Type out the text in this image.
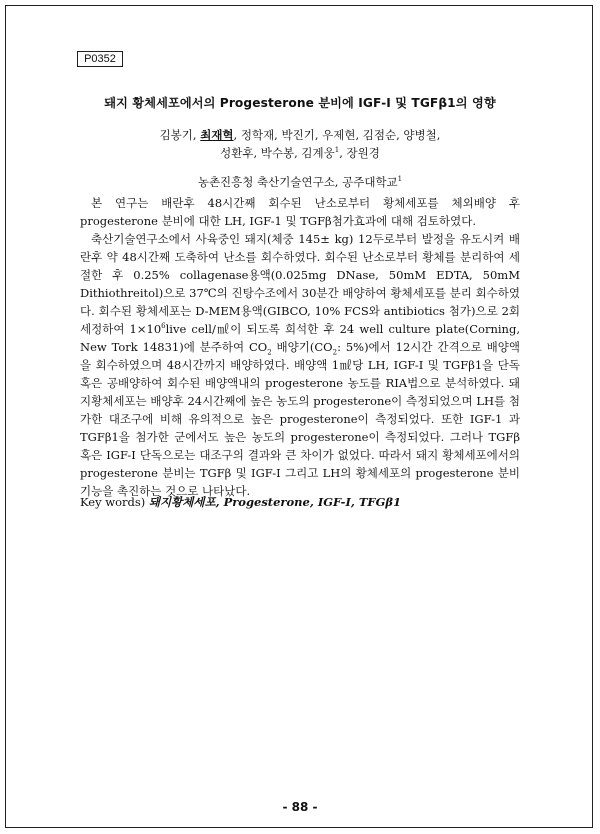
P0352
돼지 황체세포에서의 Progesterone 분비에 IGF-I 및 TGFβ1의 영향
김봉기, 최재혁, 정학재, 박진기, 우제현, 김점순, 양병철,
성환후, 박수봉, 김계웅$^1$, 장원경
농촌진흥청 축산기술연구소, 공주대학교$^1$

본 연구는 배란후 48시간째 회수된 난소로부터 황체세포를 체외배양 후 progesterone 분비에 대한 LH, IGF-1 및 TGFβ첨가효과에 대해 검토하였다.

축산기술연구소에서 사육중인 돼지(체중 145± kg) 12두로부터 발정을 유도시켜 배란후 약 48시간째 도축하여 난소를 회수하였다. 회수된 난소로부터 황체를 분리하여 세절한 후 0.25% collagenase용액(0.025mg DNase, 50mM EDTA, 50mM Dithiothreitol)으로 37℃의 진탕수조에서 30분간 배양하여 황체세포를 분리 회수하였다. 회수된 황체세포는 D-MEM용액(GIBCO, 10% FCS와 antibiotics 첨가)으로 2회 세정하여 $1\times 10^6live$ cell/㎖이 되도록 희석한 후 24 well culture plate(Corning, New Tork 14831)에 분주하여 $CO_2$ 배양기($CO_2$: 5%)에서 12시간 간격으로 배양액을 회수하였으며 48시간까지 배양하였다. 배양액 1㎖당 LH, IGF-I 및 TGFβ1을 단독 혹은 공배양하여 회수된 배양액내의 progesterone 농도를 RIA법으로 분석하였다. 돼지황체세포는 배양후 24시간째에 높은 농도의 progesterone이 측정되었으며 LH를 첨가한 대조구에 비해 유의적으로 높은 progesterone이 측정되었다. 또한 IGF-1 과 TGFβ1을 첨가한 군에서도 높은 농도의 progesterone이 측정되었다. 그러나 TGFβ 혹은 IGF-I 단독으로는 대조구의 결과와 큰 차이가 없었다. 따라서 돼지 황체세포에서의 progesterone 분비는 TGFβ 및 IGF-I 그리고 LH의 황체세포의 progesterone 분비기능을 촉진하는 것으로 나타났다.

Key words) 돼지황체세포, Progesterone, IGF-I, TFGβ1
- 88 -
